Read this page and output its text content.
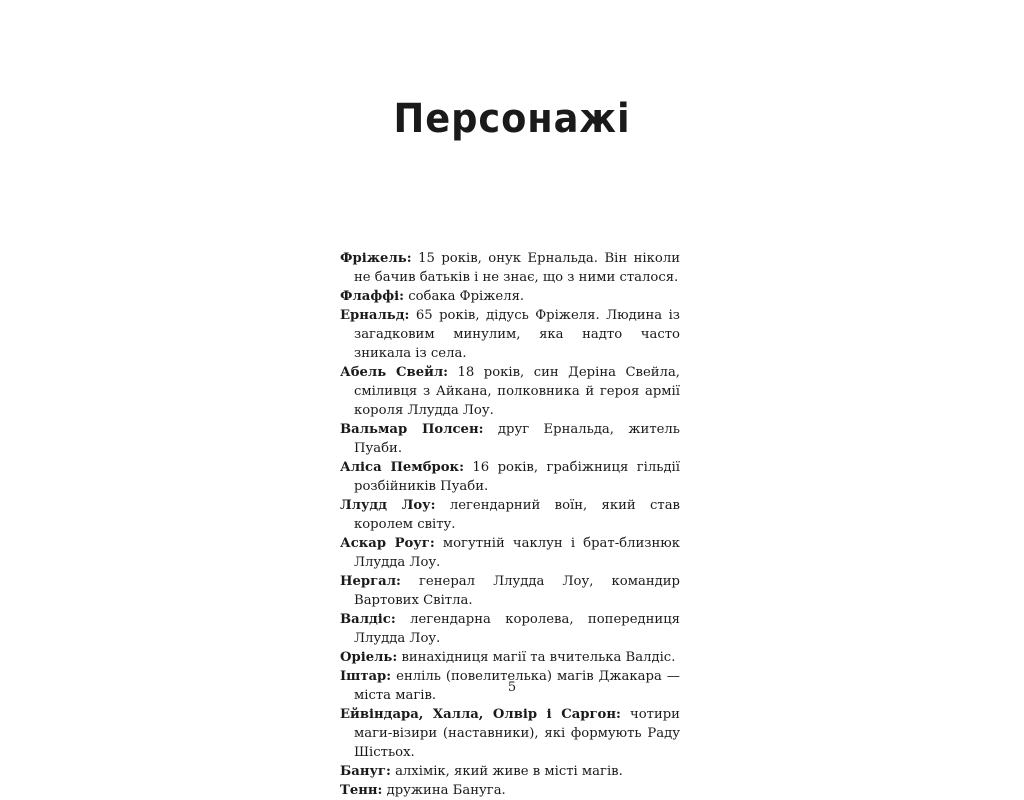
Персонажі
Фріжель: 15 років, онук Ернальда. Він ніколи не бачив батьків і не знає, що з ними сталося.
Флаффі: собака Фріжеля.
Ернальд: 65 років, дідусь Фріжеля. Людина із загадковим минулим, яка надто часто зникала із села.
Абель Свейл: 18 років, син Деріна Свейла, сміливця з Айкана, полковника й героя армії короля Ллудда Лоу.
Вальмар Полсен: друг Ернальда, житель Пуаби.
Аліса Пемброк: 16 років, грабіжниця гільдії розбійників Пуаби.
Ллудд Лоу: легендарний воїн, який став королем світу.
Аскар Роуг: могутній чаклун і брат-близнюк Ллудда Лоу.
Нергал: генерал Ллудда Лоу, командир Вартових Світла.
Валдіс: легендарна королева, попередниця Ллудда Лоу.
Оріель: винахідниця магії та вчителька Валдіс.
Іштар: енліль (повелителька) магів Джакара — міста магів.
Ейвіндара, Халла, Олвір і Саргон: чотири маги-візири (наставники), які формують Раду Шістьох.
Бануг: алхімік, який живе в місті магів.
Тенн: дружина Бануга.
5
